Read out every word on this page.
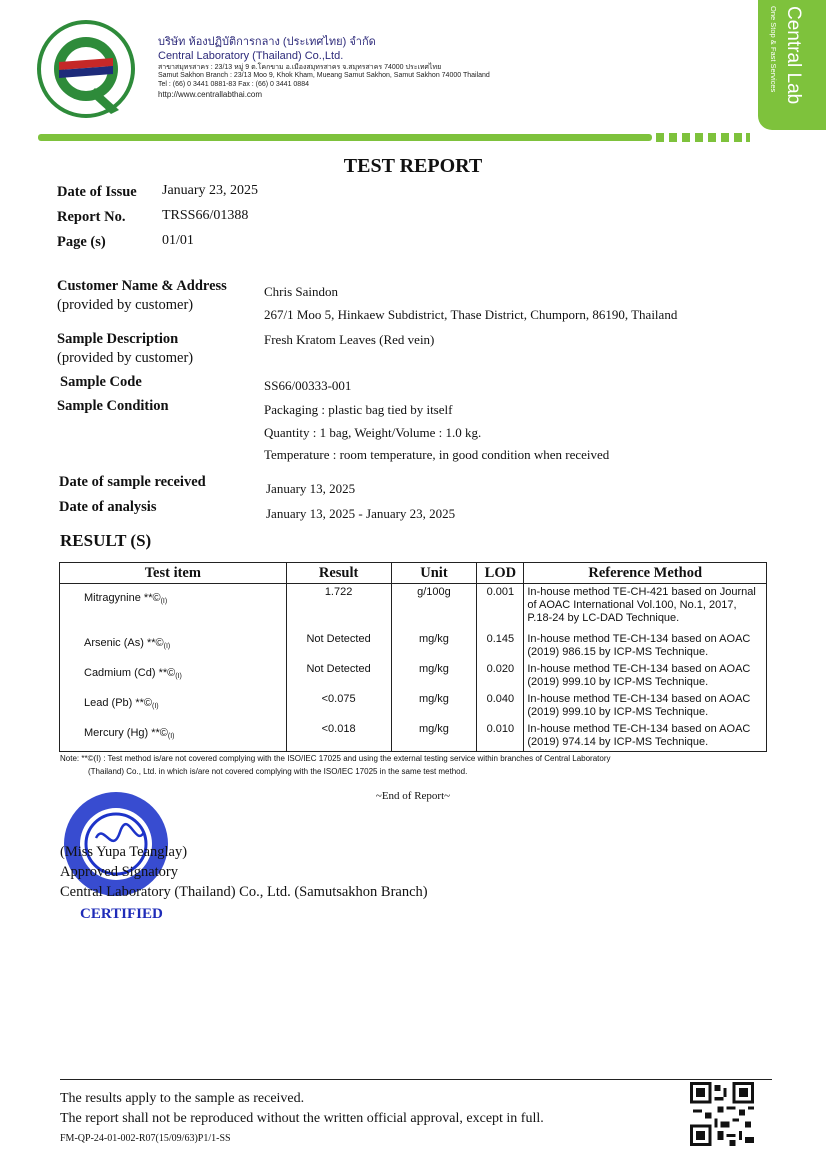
บริษัท ห้องปฏิบัติการกลาง (ประเทศไทย) จำกัด
Central Laboratory (Thailand) Co.,Ltd.
สาขาสมุทรสาคร : 23/13 หมู่ 9 ต.โคกขาม อ.เมืองสมุทรสาคร จ.สมุทรสาคร 74000 ประเทศไทย
Samut Sakhon Branch : 23/13 Moo 9, Khok Kham, Mueang Samut Sakhon, Samut Sakhon 74000 Thailand
Tel : (66) 0 3441 0881-83 Fax : (66) 0 3441 0884
http://www.centrallabthai.com	Central Lab
One Stop & Fast Services
TEST REPORT
Date of Issue January 23, 2025
Report No.	TRSS66/01388
Page (s)	01/01
Customer Name & Address
(provided by customer)
Chris Saindon
267/1 Moo 5, Hinkaew Subdistrict, Thase District, Chumporn, 86190, Thailand
Sample Description
(provided by customer)
Fresh Kratom Leaves (Red vein)
Sample Code	SS66/00333-001
Sample Condition	Packaging : plastic bag tied by itself
Quantity : 1 bag, Weight/Volume : 1.0 kg.
Temperature : room temperature, in good condition when received
Date of sample received	January 13, 2025
Date of analysis	January 13, 2025 - January 23, 2025
RESULT (S)
Test item	Result	Unit	LOD	Reference Method
Mitragynine **©(I)	1.722	g/100g	0.001	In-house method TE-CH-421 based on Journal of AOAC International Vol.100, No.1, 2017, P.18-24 by LC-DAD Technique.
Arsenic (As) **©(I)	Not Detected	mg/kg	0.145	In-house method TE-CH-134 based on AOAC (2019) 986.15 by ICP-MS Technique.
Cadmium (Cd) **©(I)	Not Detected	mg/kg	0.020	In-house method TE-CH-134 based on AOAC (2019) 999.10 by ICP-MS Technique.
Lead (Pb) **©(I)	<0.075	mg/kg	0.040	In-house method TE-CH-134 based on AOAC (2019) 999.10 by ICP-MS Technique.
Mercury (Hg) **©(I)	<0.018	mg/kg	0.010	In-house method TE-CH-134 based on AOAC (2019) 974.14 by ICP-MS Technique.
Note: **©(I) : Test method is/are not covered complying with the ISO/IEC 17025 and using the external testing service within branches of Central Laboratory
(Thailand) Co., Ltd. in which is/are not covered complying with the ISO/IEC 17025 in the same test method.
~End of Report~
(Miss Yupa Teanglay)
Approved Signatory
Central Laboratory (Thailand) Co., Ltd. (Samutsakhon Branch)
CERTIFIED
The results apply to the sample as received.
The report shall not be reproduced without the written official approval, except in full.
FM-QP-24-01-002-R07(15/09/63)P1/1-SS
